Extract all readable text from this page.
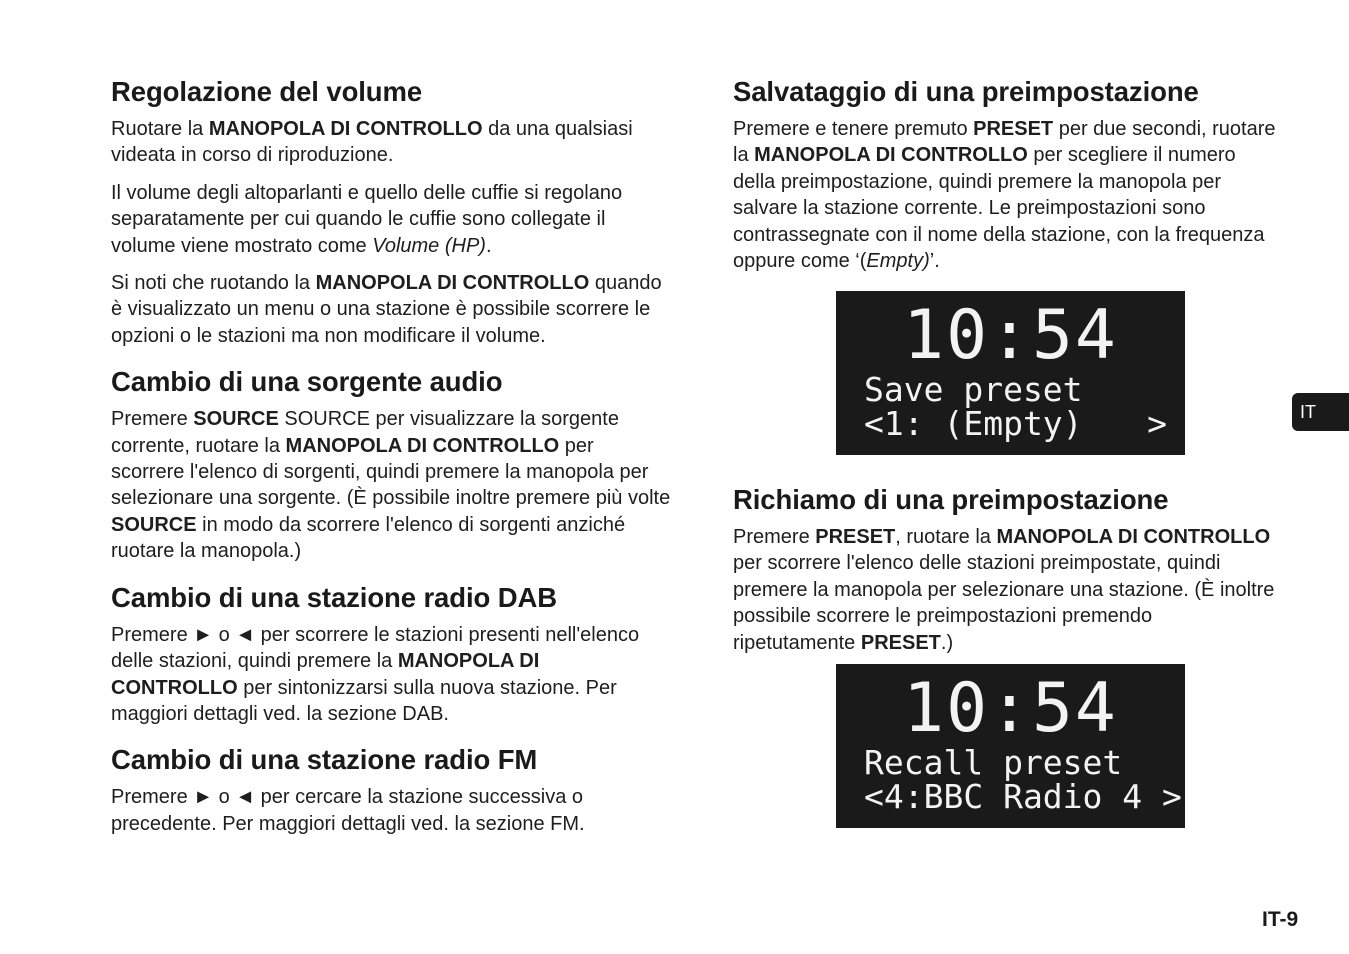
Regolazione del volume

Ruotare la MANOPOLA DI CONTROLLO da una qualsiasi videata in corso di riproduzione.

Il volume degli altoparlanti e quello delle cuffie si regolano separatamente per cui quando le cuffie sono collegate il volume viene mostrato come Volume (HP).

Si noti che ruotando la MANOPOLA DI CONTROLLO quando è visualizzato un menu o una stazione è possibile scorrere le opzioni o le stazioni ma non modificare il volume.

Cambio di una sorgente audio

Premere SOURCE SOURCE per visualizzare la sorgente corrente, ruotare la MANOPOLA DI CONTROLLO per scorrere l'elenco di sorgenti, quindi premere la manopola per selezionare una sorgente. (È possibile inoltre premere più volte SOURCE in modo da scorrere l'elenco di sorgenti anziché ruotare la manopola.)

Cambio di una stazione radio DAB

Premere ► o ◄ per scorrere le stazioni presenti nell'elenco delle stazioni, quindi premere la MANOPOLA DI CONTROLLO per sintonizzarsi sulla nuova stazione. Per maggiori dettagli ved. la sezione DAB.

Cambio di una stazione radio FM

Premere ► o ◄ per cercare la stazione successiva o precedente. Per maggiori dettagli ved. la sezione FM.

Salvataggio di una preimpostazione

Premere e tenere premuto PRESET per due secondi, ruotare la MANOPOLA DI CONTROLLO per scegliere il numero della preimpostazione, quindi premere la manopola per salvare la stazione corrente. Le preimpostazioni sono contrassegnate con il nome della stazione, con la frequenza oppure come ‘(Empty)’.

10:54
Save preset
<1: (Empty) >
Richiamo di una preimpostazione

Premere PRESET, ruotare la MANOPOLA DI CONTROLLO per scorrere l'elenco delle stazioni preimpostate, quindi premere la manopola per selezionare una stazione. (È inoltre possibile scorrere le preimpostazioni premendo ripetutamente PRESET.)

10:54
Recall preset
<4:BBC Radio 4 >
IT
IT-9
